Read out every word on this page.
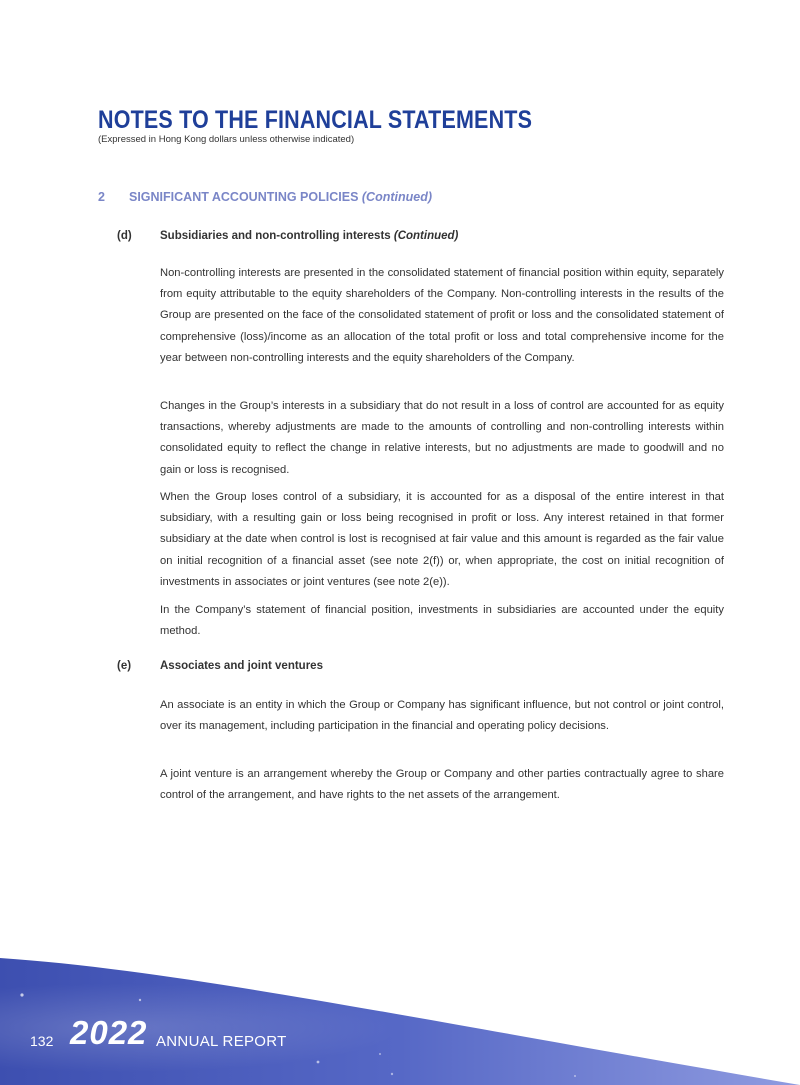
NOTES TO THE FINANCIAL STATEMENTS
(Expressed in Hong Kong dollars unless otherwise indicated)
2 SIGNIFICANT ACCOUNTING POLICIES (Continued)
(d) Subsidiaries and non-controlling interests (Continued)

Non-controlling interests are presented in the consolidated statement of financial position within equity, separately from equity attributable to the equity shareholders of the Company. Non-controlling interests in the results of the Group are presented on the face of the consolidated statement of profit or loss and the consolidated statement of comprehensive (loss)/income as an allocation of the total profit or loss and total comprehensive income for the year between non-controlling interests and the equity shareholders of the Company.

Changes in the Group’s interests in a subsidiary that do not result in a loss of control are accounted for as equity transactions, whereby adjustments are made to the amounts of controlling and non-controlling interests within consolidated equity to reflect the change in relative interests, but no adjustments are made to goodwill and no gain or loss is recognised.

When the Group loses control of a subsidiary, it is accounted for as a disposal of the entire interest in that subsidiary, with a resulting gain or loss being recognised in profit or loss. Any interest retained in that former subsidiary at the date when control is lost is recognised at fair value and this amount is regarded as the fair value on initial recognition of a financial asset (see note 2(f)) or, when appropriate, the cost on initial recognition of investments in associates or joint ventures (see note 2(e)).

In the Company’s statement of financial position, investments in subsidiaries are accounted under the equity method.

(e)	Associates and joint ventures

An associate is an entity in which the Group or Company has significant influence, but not control or joint control, over its management, including participation in the financial and operating policy decisions.

A joint venture is an arrangement whereby the Group or Company and other parties contractually agree to share control of the arrangement, and have rights to the net assets of the arrangement.

132 2022 ANNUAL REPORT
